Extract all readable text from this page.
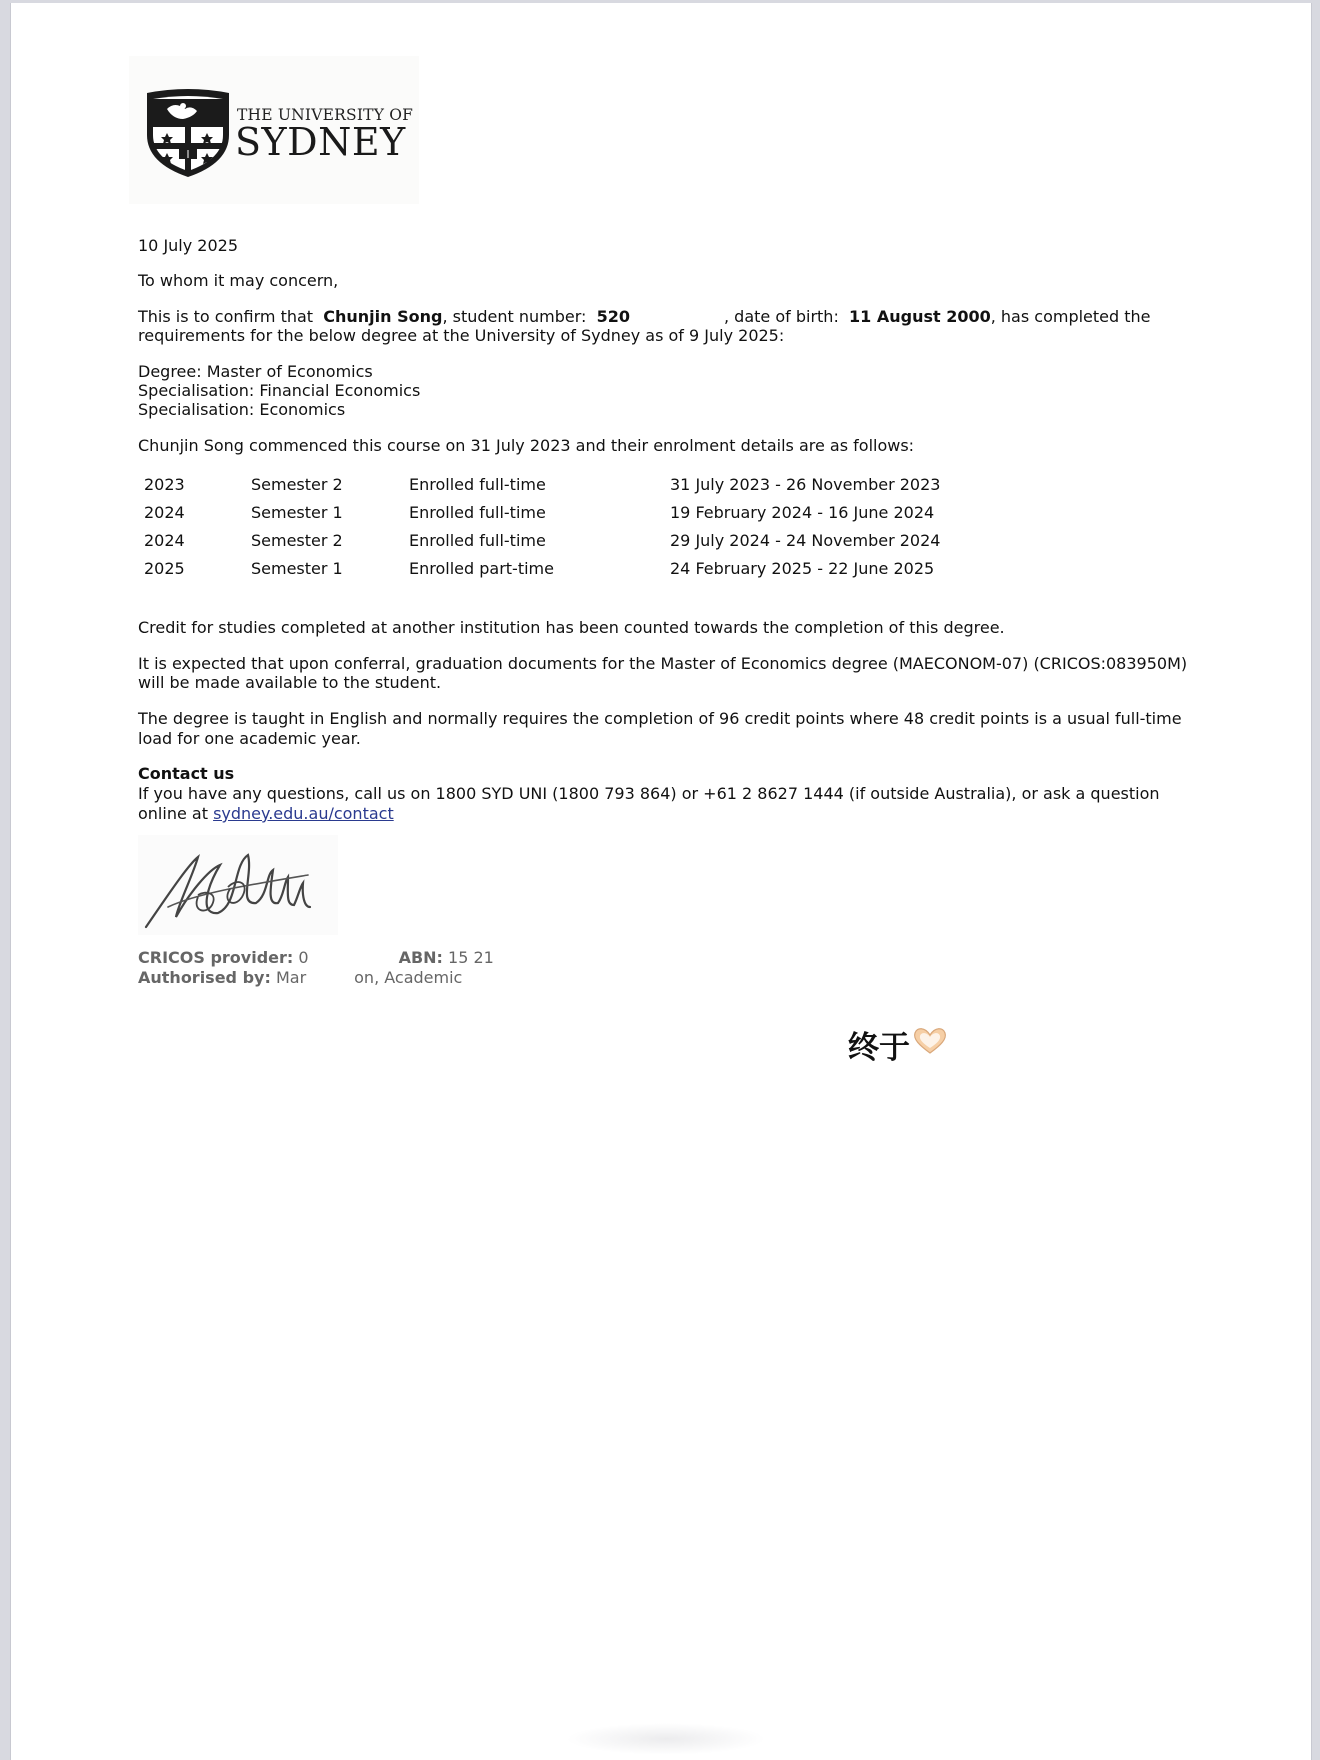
THE UNIVERSITY OF
SYDNEY
10 July 2025
To whom it may concern,
This is to confirm that Chunjin Song, student number: 520	, date of birth: 11 August 2000, has completed the
requirements for the below degree at the University of Sydney as of 9 July 2025:
Degree: Master of Economics
Specialisation: Financial Economics
Specialisation: Economics
Chunjin Song commenced this course on 31 July 2023 and their enrolment details are as follows:
2023	Semester 2	Enrolled full-time	31 July 2023 - 26 November 2023
2024	Semester 1	Enrolled full-time	19 February 2024 - 16 June 2024
2024	Semester 2	Enrolled full-time	29 July 2024 - 24 November 2024
2025	Semester 1	Enrolled part-time	24 February 2025 - 22 June 2025
Credit for studies completed at another institution has been counted towards the completion of this degree.
It is expected that upon conferral, graduation documents for the Master of Economics degree (MAECONOM-07) (CRICOS:083950M)
will be made available to the student.
The degree is taught in English and normally requires the completion of 96 credit points where 48 credit points is a usual full-time
load for one academic year.
Contact us
If you have any questions, call us on 1800 SYD UNI (1800 793 864) or +61 2 8627 1444 (if outside Australia), or ask a question
online at sydney.edu.au/contact
CRICOS provider: 0	ABN: 15 21
Authorised by: Mar	on, Academic
终于
